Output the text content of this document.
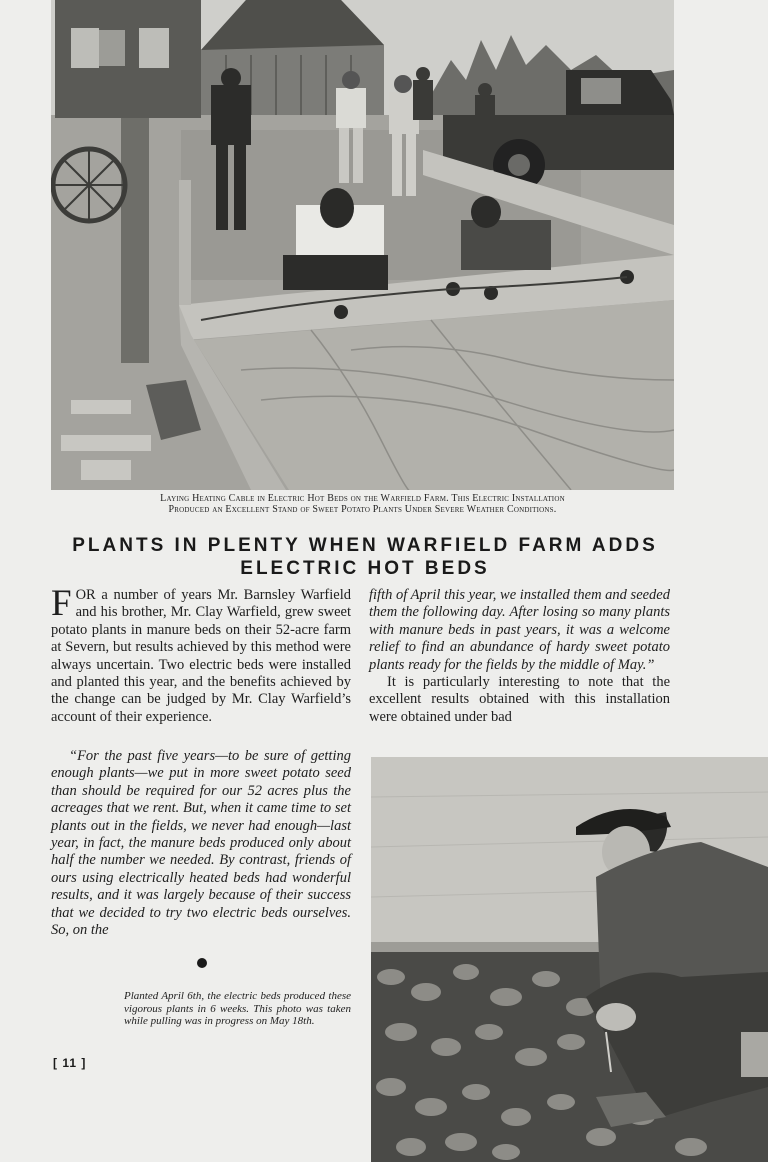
Laying Heating Cable in Electric Hot Beds on the Warfield Farm. This Electric Installation
Produced an Excellent Stand of Sweet Potato Plants Under Severe Weather Conditions.
PLANTS IN PLENTY WHEN WARFIELD FARM ADDS
ELECTRIC HOT BEDS

FOR a number of years Mr. Barnsley Warfield and his brother, Mr. Clay Warfield, grew sweet potato plants in manure beds on their 52-acre farm at Severn, but results achieved by this method were always uncertain. Two electric beds were installed and planted this year, and the benefits achieved by the change can be judged by Mr. Clay Warfield’s account of their experience.

“For the past five years—to be sure of getting enough plants—we put in more sweet potato seed than should be required for our 52 acres plus the acreages that we rent. But, when it came time to set plants out in the fields, we never had enough—last year, in fact, the manure beds produced only about half the number we needed. By contrast, friends of ours using electrically heated beds had wonderful results, and it was largely because of their success that we decided to try two electric beds ourselves. So, on the

fifth of April this year, we installed them and seeded them the following day. After losing so many plants with manure beds in past years, it was a welcome relief to find an abundance of hardy sweet potato plants ready for the fields by the middle of May.”

It is particularly interesting to note that the excellent results obtained with this installation were obtained under bad

Planted April 6th, the electric beds produced these vigorous plants in 6 weeks. This photo was taken while pulling was in progress on May 18th.
[ 11 ]
